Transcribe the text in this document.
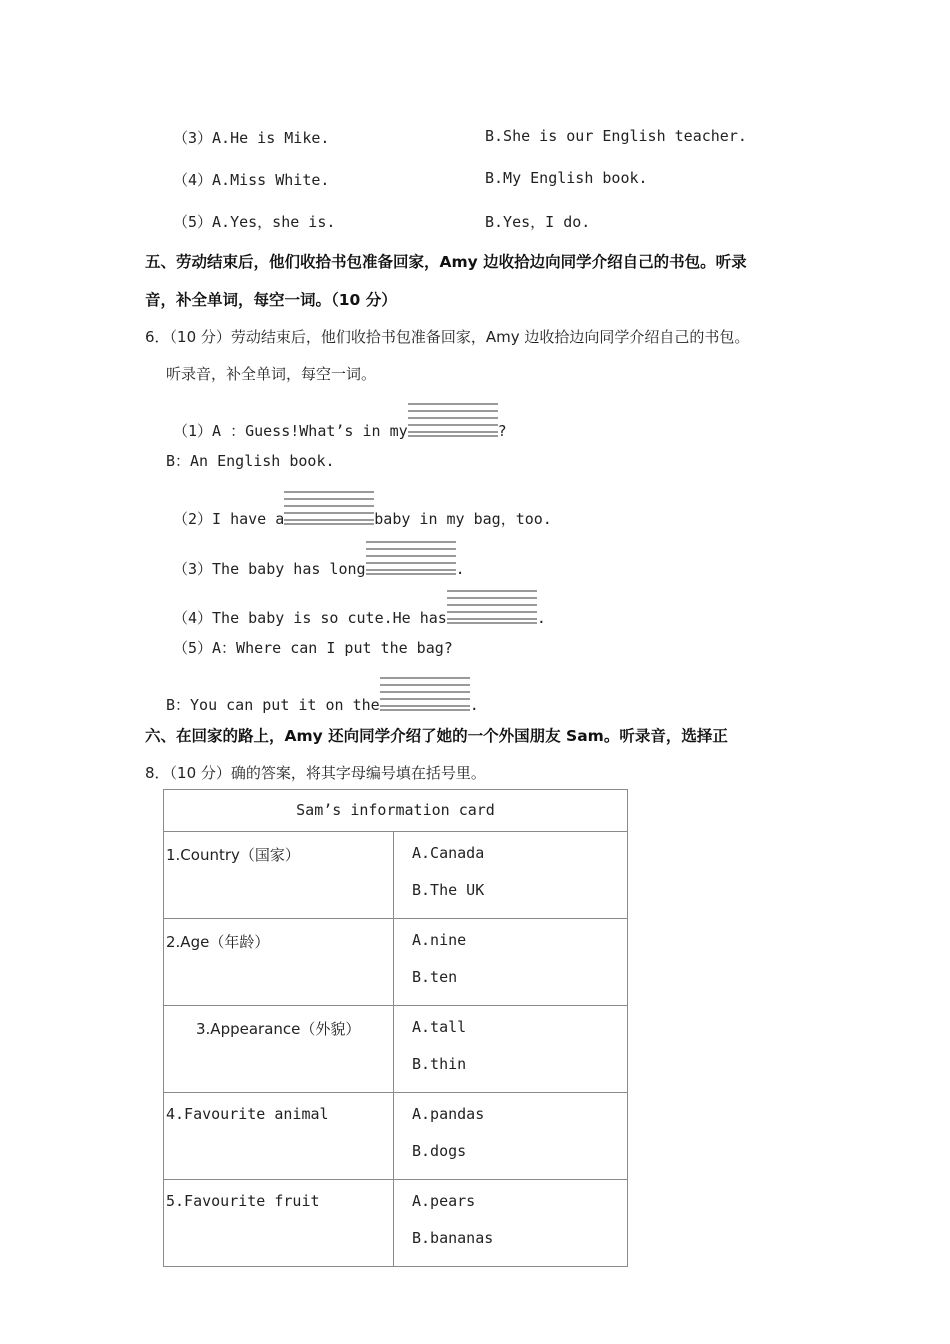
（3）A.He is Mike.	B.She is our English teacher.
（4）A.Miss White.	B.My English book.
（5）A.Yes，she is.	B.Yes，I do.
五、劳动结束后，他们收拾书包准备回家，Amy 边收拾边向同学介绍自己的书包。听录
音，补全单词，每空一词。（10 分）
6．（10 分）劳动结束后，他们收拾书包准备回家，Amy 边收拾边向同学介绍自己的书包。
听录音，补全单词，每空一词。
（1）A ：Guess!What’s in my	?
B：An English book.
（2）I have a	baby in my bag，too.
（3）The baby has long	.
（4）The baby is so cute.He has	.
（5）A：Where can I put the bag?
B：You can put it on the	.
六、在回家的路上，Amy 还向同学介绍了她的一个外国朋友 Sam。听录音，选择正
8．（10 分）确的答案，将其字母编号填在括号里。
Sam’s information card	
1.Country（国家）	A.Canada
B.The UK

2.Age（年龄）	A.nine
B.ten

3.Appearance（外貌）	A.tall
B.thin

4.Favourite animal	A.pandas
B.dogs

5.Favourite fruit	A.pears
B.bananas
